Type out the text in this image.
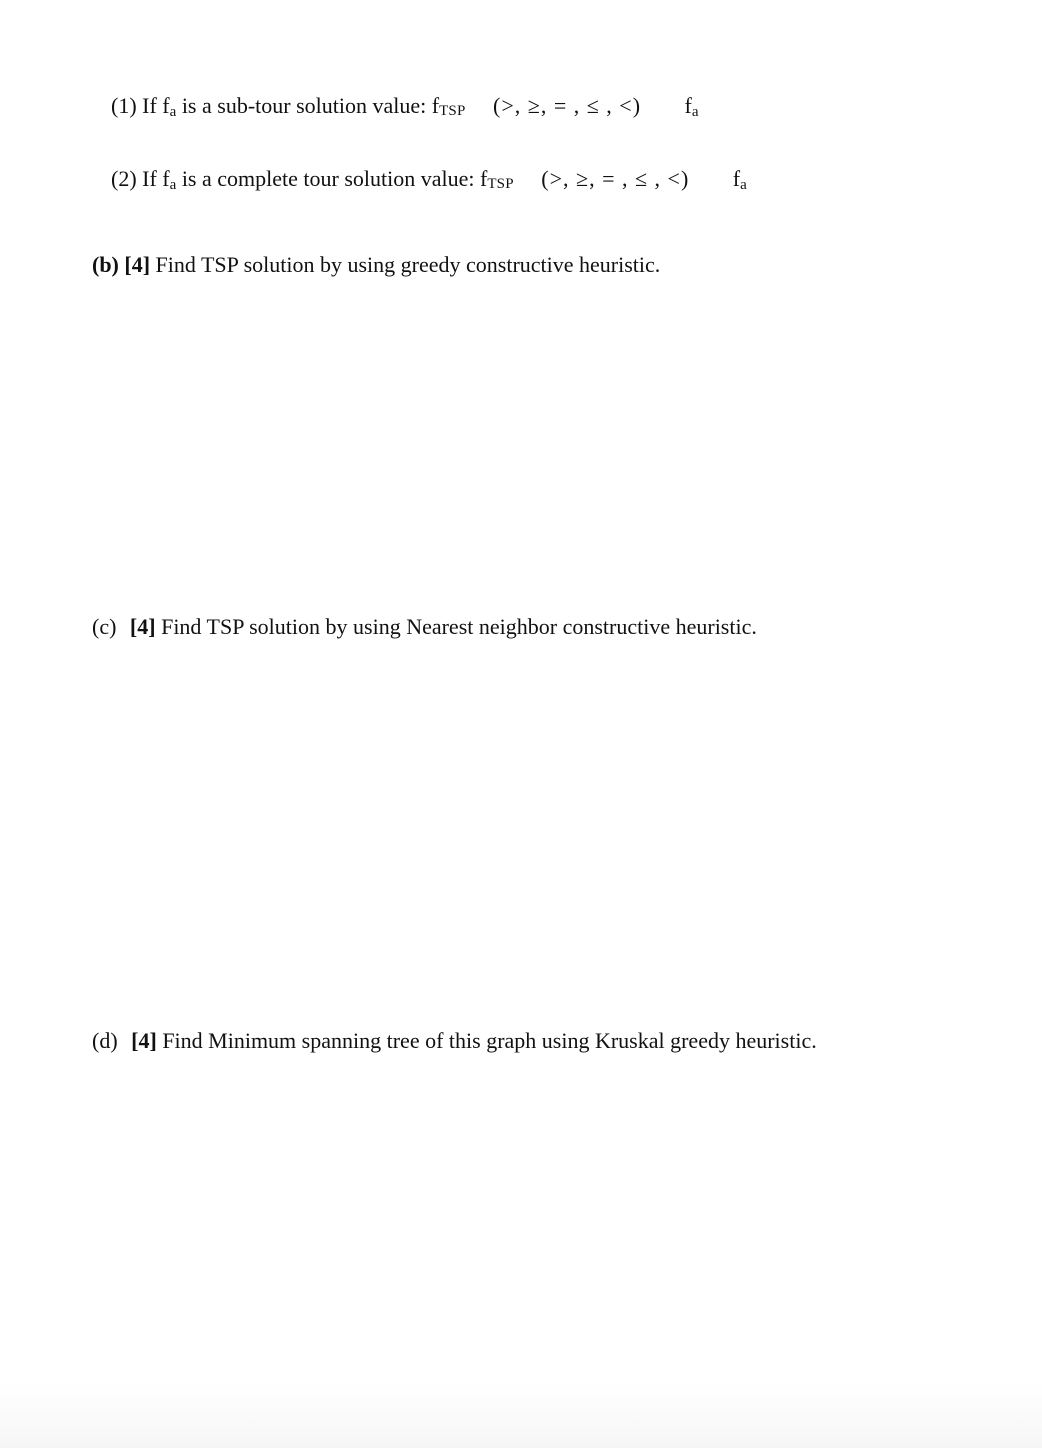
(1) If fa is a sub-tour solution value: fTSP (>, ≥, = , ≤ , <) fa
(2) If fa is a complete tour solution value: fTSP (>, ≥, = , ≤ , <) fa
(b) [4] Find TSP solution by using greedy constructive heuristic.
(c) [4] Find TSP solution by using Nearest neighbor constructive heuristic.
(d) [4] Find Minimum spanning tree of this graph using Kruskal greedy heuristic.
